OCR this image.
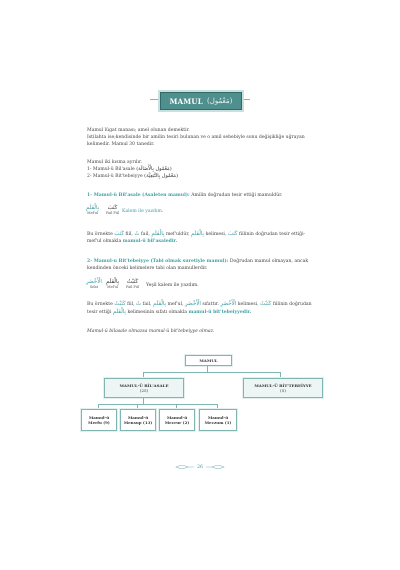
MAMUL (مَعْمُول)
Mamul lügat manası; amel olunan demektir.
Istilahta ise;kendisinde bir amilin tesiri bulunan ve o amil sebebiyle sonu değişikliğe uğrayan
kelimedir. Mamul 30 tanedir.
Mamul iki kısma ayrılır.
1- Mamul-ü Bil'asale (مَعْمُول بِالْأَصَالَة)
2- Mamul-ü Bit'tebeiyye (مَعْمُول بِالتَّبَعِيَّة)
1- Mamul-ü Bil'asale (Asaleten mamul): Amilin doğrudan tesir ettiği mamuldür.
بِالْقَلَمِ
Mef'ul
كَتَبَ
Fail Fiil Kalem ile yazdım.
Bu örnekte كَتَبَ fiil, تُ fail, بِالْقَلَمِ mef'uldür, بِالْقَلَمِ kelimesi, كَتَبَ fiilinin doğrudan tesir ettiği-
mef'ul olmakla mamul-ü bil'asaledir.
2- Mamul-u Bit'tebeiyye (Tabi olmak suretiyle mamul): Doğrudan mamul olmayan, ancak
kendinden önceki kelimelere tabi olan mamullerdir.
الْأَخْضَرِ
Sıfat
بِالْقَلَمِ
Mef'ul
كَتَبْتُ
Fail Fiil Yeşil kalem ile yazdım.
Bu örnekte كَتَبْتُ fiil, تُ fail, بِالْقَلَمِ mef'ul, الْأَخْضَرِ sıfattır. الْأَخْضَرِ kelimesi, كَتَبْتُ fiilinin doğrudan
tesir ettiği بِالْقَلَمِ kelimesinin sıfatı olmakla mamul-ü bit'tebeiyyedir.
Mamul-ü bilasale olmazsa mamul-ü bit'tebeiyye olmaz.
MAMUL
MAMUL-Ü BİL'ASALE
(25)
MAMUL-Ü BİT'TEBEİYYE
(5)
Mamul-ü
Merfu (9)
Mamul-ü
Mensup (13)
Mamul-ü
Mecrur (2)
Mamul-ü
Meczum (1)
26
